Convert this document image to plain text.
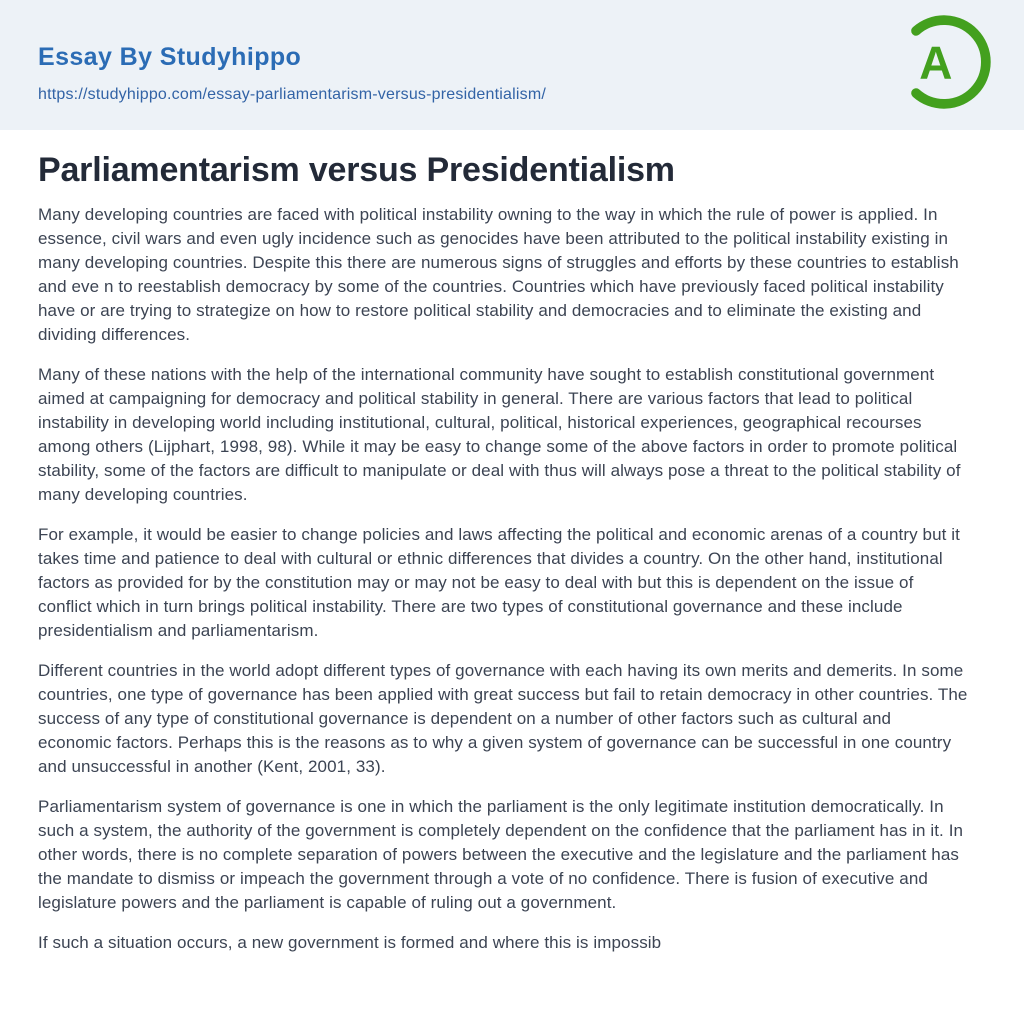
Essay By Studyhippo
https://studyhippo.com/essay-parliamentarism-versus-presidentialism/
A
Parliamentarism versus Presidentialism

Many developing countries are faced with political instability owning to the way in which the rule of power is applied. In essence, civil wars and even ugly incidence such as genocides have been attributed to the political instability existing in many developing countries. Despite this there are numerous signs of struggles and efforts by these countries to establish and eve n to reestablish democracy by some of the countries. Countries which have previously faced political instability have or are trying to strategize on how to restore political stability and democracies and to eliminate the existing and dividing differences.

Many of these nations with the help of the international community have sought to establish constitutional government aimed at campaigning for democracy and political stability in general. There are various factors that lead to political instability in developing world including institutional, cultural, political, historical experiences, geographical recourses among others (Lijphart, 1998, 98). While it may be easy to change some of the above factors in order to promote political stability, some of the factors are difficult to manipulate or deal with thus will always pose a threat to the political stability of many developing countries.

For example, it would be easier to change policies and laws affecting the political and economic arenas of a country but it takes time and patience to deal with cultural or ethnic differences that divides a country. On the other hand, institutional factors as provided for by the constitution may or may not be easy to deal with but this is dependent on the issue of conflict which in turn brings political instability. There are two types of constitutional governance and these include presidentialism and parliamentarism.

Different countries in the world adopt different types of governance with each having its own merits and demerits. In some countries, one type of governance has been applied with great success but fail to retain democracy in other countries. The success of any type of constitutional governance is dependent on a number of other factors such as cultural and economic factors. Perhaps this is the reasons as to why a given system of governance can be successful in one country and unsuccessful in another (Kent, 2001, 33).

Parliamentarism system of governance is one in which the parliament is the only legitimate institution democratically. In such a system, the authority of the government is completely dependent on the confidence that the parliament has in it. In other words, there is no complete separation of powers between the executive and the legislature and the parliament has the mandate to dismiss or impeach the government through a vote of no confidence. There is fusion of executive and legislature powers and the parliament is capable of ruling out a government.

If such a situation occurs, a new government is formed and where this is impossib
